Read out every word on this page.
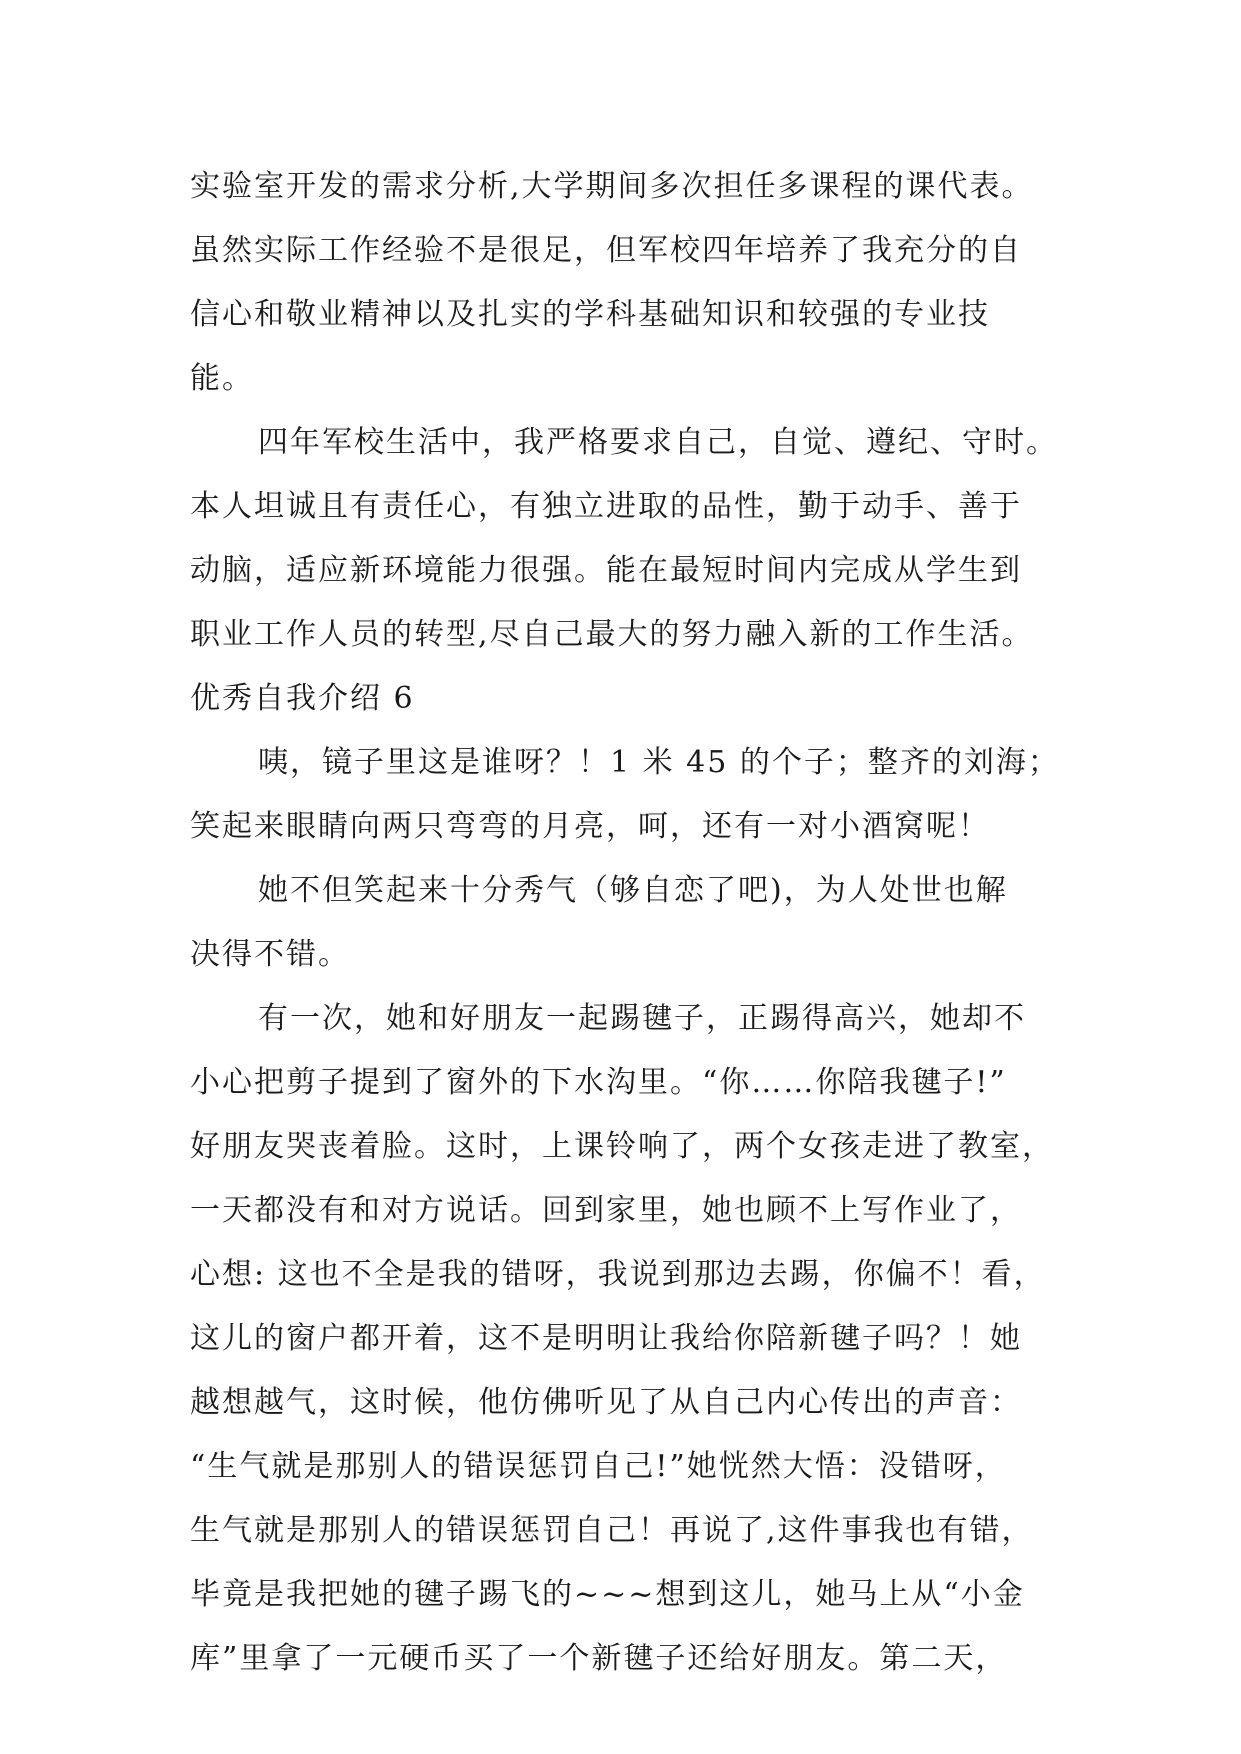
实验室开发的需求分析,大学期间多次担任多课程的课代表。
虽然实际工作经验不是很足，但军校四年培养了我充分的自
信心和敬业精神以及扎实的学科基础知识和较强的专业技
能。
四年军校生活中，我严格要求自己，自觉、遵纪、守时。
本人坦诚且有责任心，有独立进取的品性，勤于动手、善于
动脑，适应新环境能力很强。能在最短时间内完成从学生到
职业工作人员的转型,尽自己最大的努力融入新的工作生活。
优秀自我介绍 6
咦，镜子里这是谁呀？！1 米 45 的个子；整齐的刘海；
笑起来眼睛向两只弯弯的月亮，呵，还有一对小酒窝呢！
她不但笑起来十分秀气（够自恋了吧)，为人处世也解
决得不错。
有一次，她和好朋友一起踢毽子，正踢得高兴，她却不
小心把剪子提到了窗外的下水沟里。“你……你陪我毽子!”
好朋友哭丧着脸。这时，上课铃响了，两个女孩走进了教室，
一天都没有和对方说话。回到家里，她也顾不上写作业了，
心想: 这也不全是我的错呀，我说到那边去踢，你偏不！看，
这儿的窗户都开着，这不是明明让我给你陪新毽子吗？！她
越想越气，这时候，他仿佛听见了从自己内心传出的声音：
“生气就是那别人的错误惩罚自己!”她恍然大悟：没错呀，
生气就是那别人的错误惩罚自己！再说了,这件事我也有错，
毕竟是我把她的毽子踢飞的~~~想到这儿，她马上从“小金
库”里拿了一元硬币买了一个新毽子还给好朋友。第二天，
